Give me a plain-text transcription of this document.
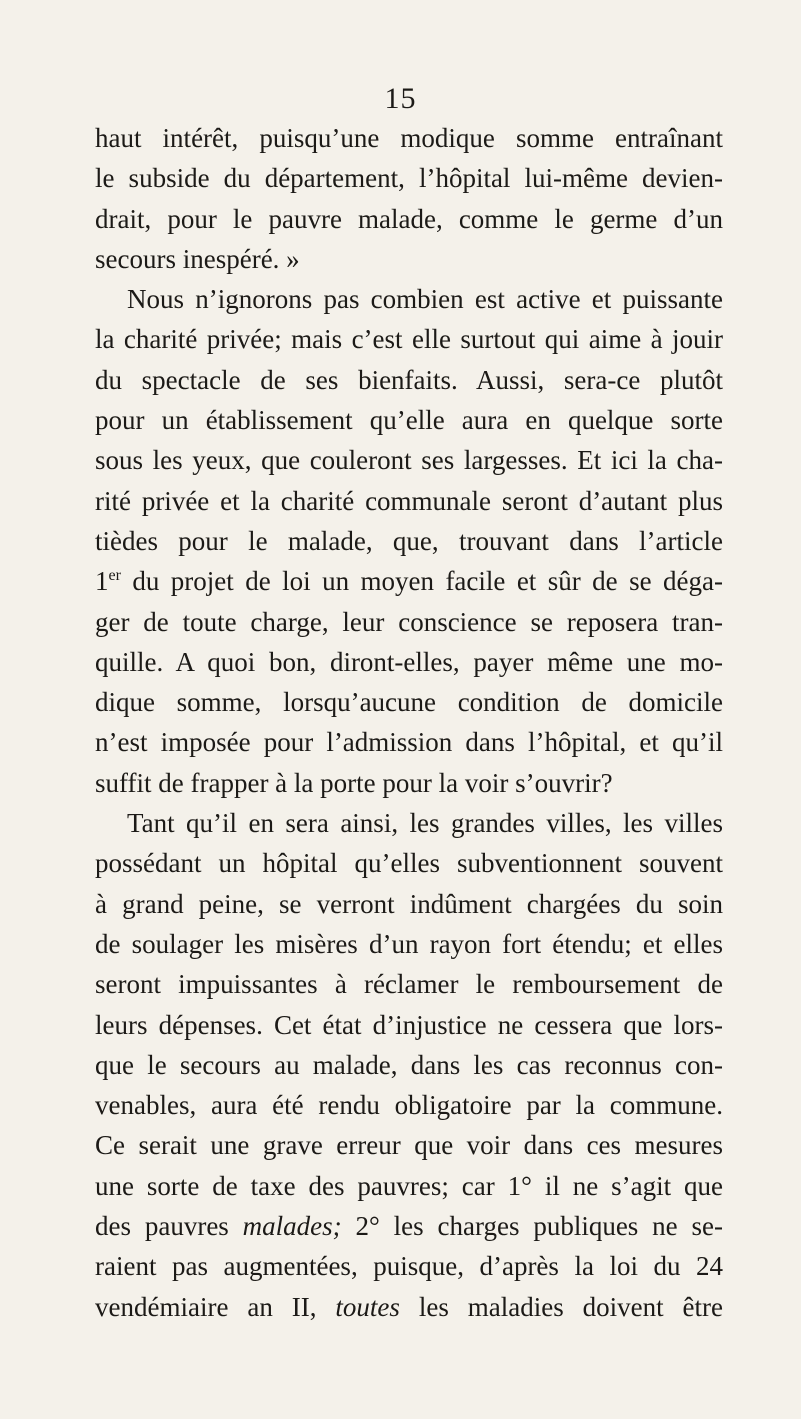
15
haut intérêt, puisqu’une modique somme entraînant
le subside du département, l’hôpital lui-même devien-
drait, pour le pauvre malade, comme le germe d’un
secours inespéré. »
Nous n’ignorons pas combien est active et puissante
la charité privée; mais c’est elle surtout qui aime à jouir
du spectacle de ses bienfaits. Aussi, sera-ce plutôt
pour un établissement qu’elle aura en quelque sorte
sous les yeux, que couleront ses largesses. Et ici la cha-
rité privée et la charité communale seront d’autant plus
tièdes pour le malade, que, trouvant dans l’article
1er du projet de loi un moyen facile et sûr de se déga-
ger de toute charge, leur conscience se reposera tran-
quille. A quoi bon, diront-elles, payer même une mo-
dique somme, lorsqu’aucune condition de domicile
n’est imposée pour l’admission dans l’hôpital, et qu’il
suffit de frapper à la porte pour la voir s’ouvrir?
Tant qu’il en sera ainsi, les grandes villes, les villes
possédant un hôpital qu’elles subventionnent souvent
à grand peine, se verront indûment chargées du soin
de soulager les misères d’un rayon fort étendu; et elles
seront impuissantes à réclamer le remboursement de
leurs dépenses. Cet état d’injustice ne cessera que lors-
que le secours au malade, dans les cas reconnus con-
venables, aura été rendu obligatoire par la commune.
Ce serait une grave erreur que voir dans ces mesures
une sorte de taxe des pauvres; car 1° il ne s’agit que
des pauvres malades; 2° les charges publiques ne se-
raient pas augmentées, puisque, d’après la loi du 24
vendémiaire an II, toutes les maladies doivent être
